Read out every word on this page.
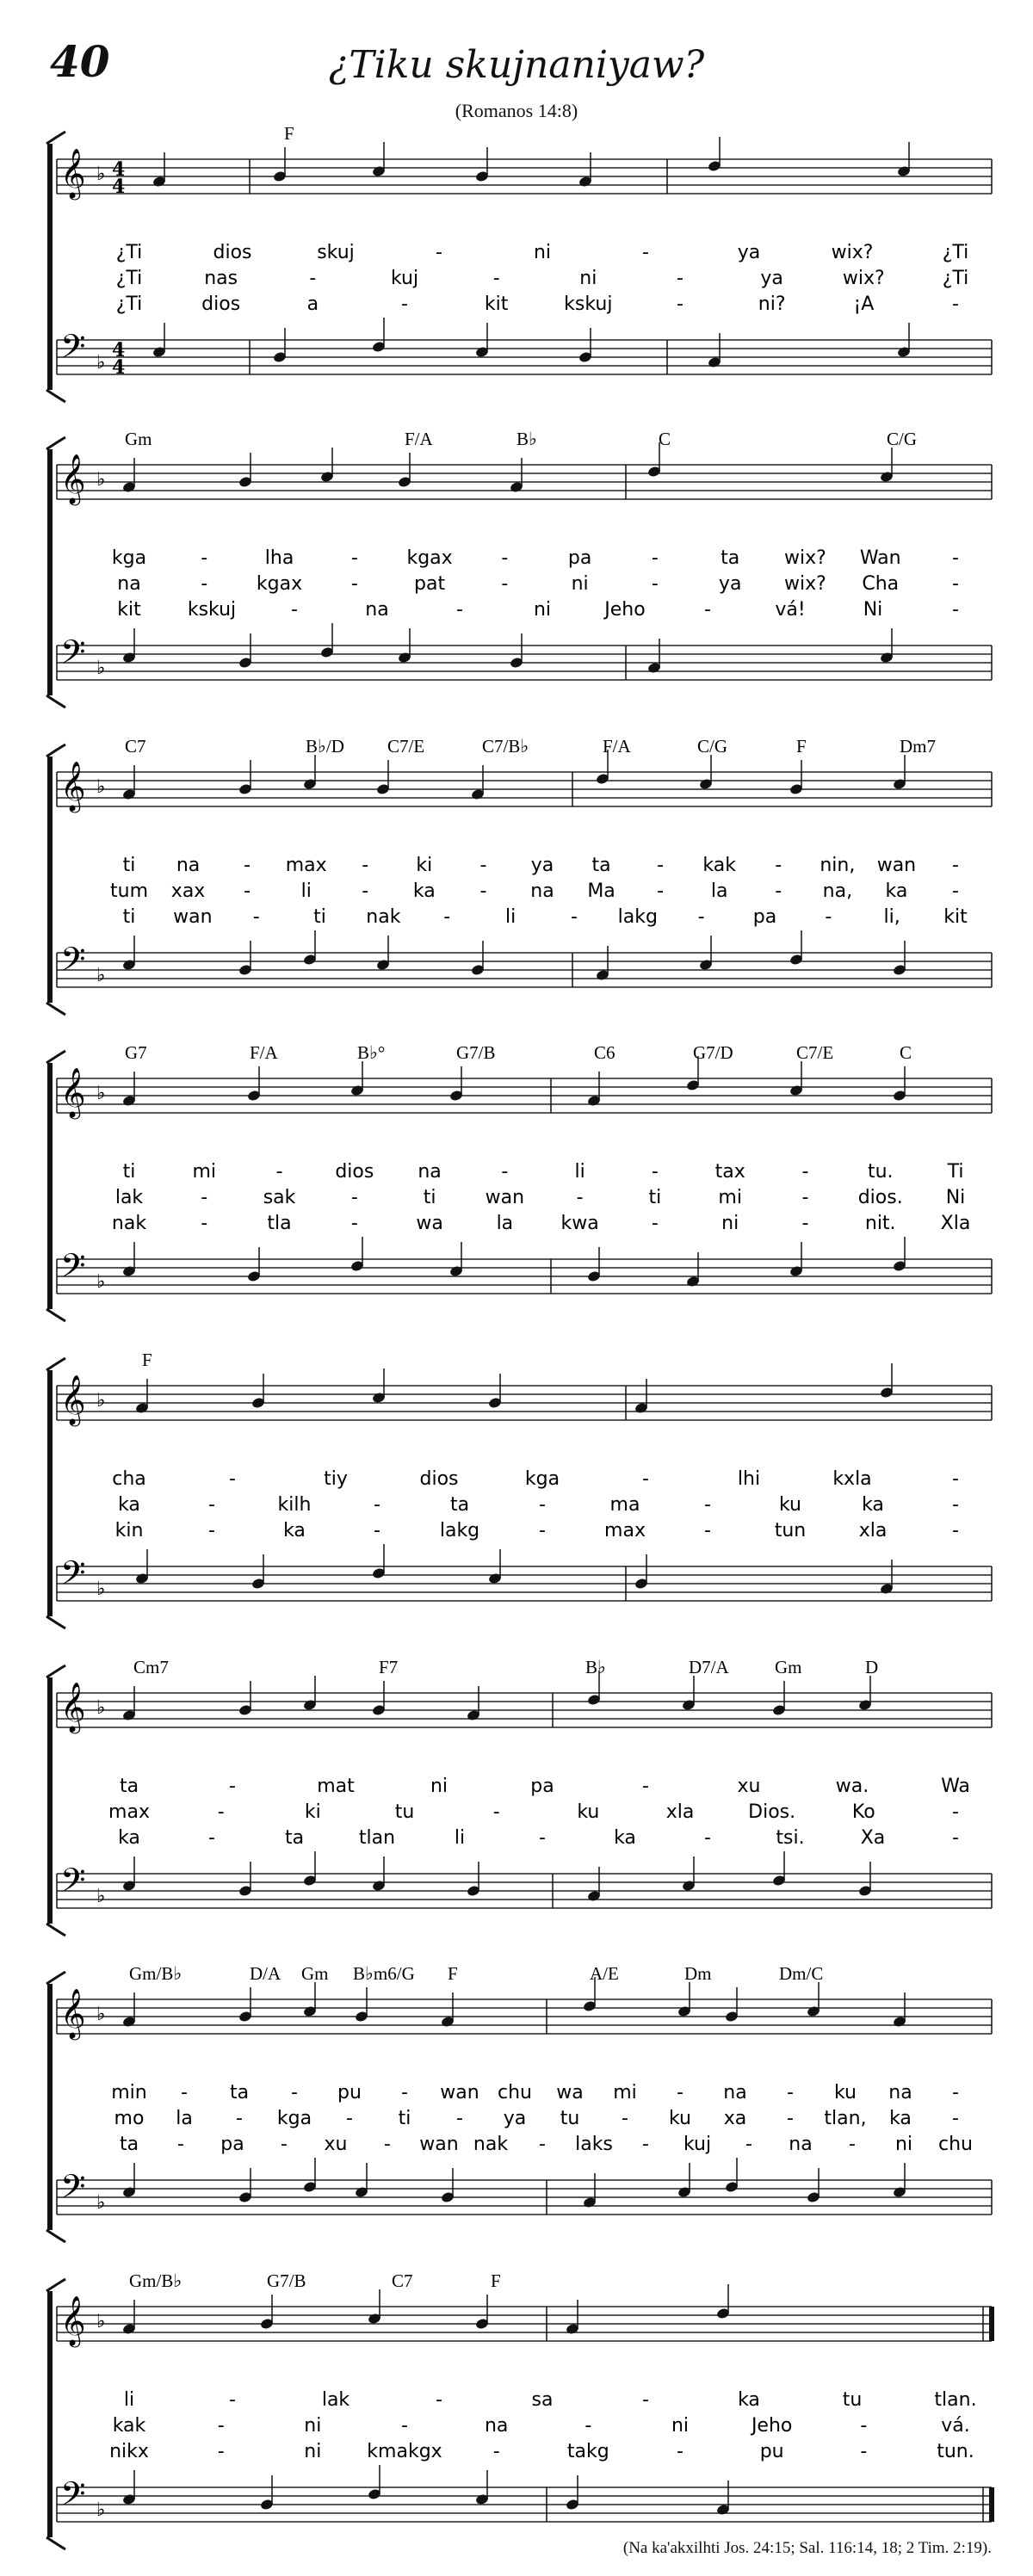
40	¿Tiku skujnaniyaw?
(Romanos 14:8)
𝄞 ♭ 4
4
𝄢 ♭
4
4
F
¿Ti	dios	skuj	-	ni	-	ya	wix?	¿Ti
¿Ti	nas	-	kuj	-	ni	-	ya	wix?	¿Ti
¿Ti	dios	a	-	kit	kskuj	-	ni?	¡A	-
𝄞 ♭
𝄢 ♭
Gm	F/A	B♭	C	C/G
kga	-	lha	-	kgax	-	pa	-	ta wix? Wan	-
na	-	kgax	-	pat	-	ni	-	ya wix? Cha	-
kit kskuj	-	na	-	ni	Jeho	-	vá!	Ni	-
𝄞 ♭
𝄢 ♭
C7	B♭/D C7/E	C7/B♭	F/A	C/G	F	Dm7
ti na - max -	ki	- ya ta - kak - nin, wan -
tum xax -	li	- ka - na Ma - la - na, ka -
ti wan -	ti nak -	li	- lakg -	pa	-	li, kit
𝄞 ♭
𝄢 ♭
G7	F/A	B♭°	G7/B	C6	G7/D	C7/E	C
ti	mi	-	dios na	-	li	-	tax	-	tu.	Ti
lak	-	sak	-	ti	wan	-	ti	mi	-	dios. Ni
nak	-	tla	-	wa	la	kwa	-	ni	-	nit. Xla
𝄞 ♭
𝄢 ♭
F
cha	-	tiy	dios	kga	-	lhi	kxla	-
ka	-	kilh	-	ta	-	ma	-	ku	ka	-
kin	-	ka	-	lakg	-	max	-	tun	xla	-
𝄞 ♭
𝄢 ♭
Cm7	F7	B♭	D7/A	Gm	D
ta	-	mat	ni	pa	-	xu	wa.	Wa
max	-	ki	tu	-	ku	xla	Dios.	Ko	-
ka	-	ta	tlan	li	-	ka	-	tsi.	Xa	-
𝄞 ♭
𝄢 ♭
Gm/B♭	D/A Gm B♭m6/G F	A/E	Dm	Dm/C
min - ta - pu - wan chu wa mi - na - ku na -
mo la - kga - ti - ya tu - ku xa - tlan, ka -
ta - pa - xu - wan nak - laks - kuj - na - ni chu
𝄞 ♭
𝄢 ♭
Gm/B♭	G7/B	C7	F
li	-	lak	-	sa	-	ka	tu	tlan.
kak	-	ni	-	na	-	ni	Jeho	-	vá.
nikx	-	ni kmakgx	-	takg	-	pu	-	tun.
(Na ka'akxilhti Jos. 24:15; Sal. 116:14, 18; 2 Tim. 2:19).
